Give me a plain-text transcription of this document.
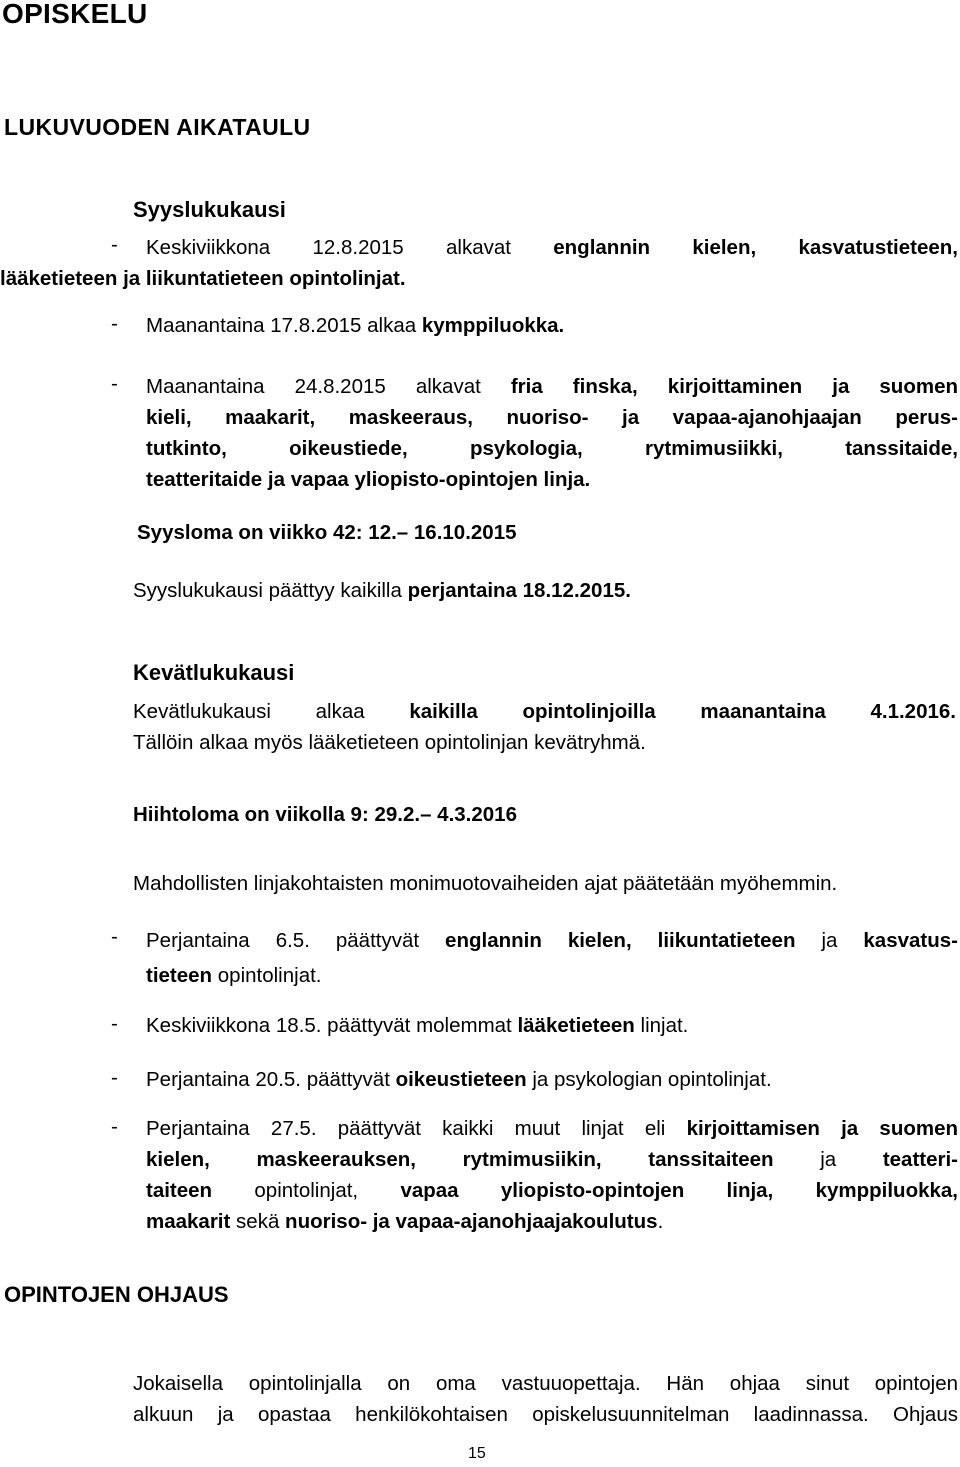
OPISKELU
LUKUVUODEN AIKATAULU
Syyslukukausi
- Keskiviikkona 12.8.2015 alkavat englannin kielen, kasvatustieteen,
lääketieteen ja liikuntatieteen opintolinjat.
- Maanantaina 17.8.2015 alkaa kymppiluokka.
- Maanantaina 24.8.2015 alkavat fria finska, kirjoittaminen ja suomen
kieli, maakarit, maskeeraus, nuoriso- ja vapaa-ajanohjaajan perus-
tutkinto, oikeustiede, psykologia, rytmimusiikki, tanssitaide,
teatteritaide ja vapaa yliopisto-opintojen linja.
Syysloma on viikko 42: 12.– 16.10.2015
Syyslukukausi päättyy kaikilla perjantaina 18.12.2015.
Kevätlukukausi
Kevätlukukausi alkaa kaikilla opintolinjoilla maanantaina 4.1.2016.
Tällöin alkaa myös lääketieteen opintolinjan kevätryhmä.
Hiihtoloma on viikolla 9: 29.2.– 4.3.2016
Mahdollisten linjakohtaisten monimuotovaiheiden ajat päätetään myöhemmin.
- Perjantaina 6.5. päättyvät englannin kielen, liikuntatieteen ja kasvatus-
tieteen opintolinjat.
- Keskiviikkona 18.5. päättyvät molemmat lääketieteen linjat.
- Perjantaina 20.5. päättyvät oikeustieteen ja psykologian opintolinjat.
- Perjantaina 27.5. päättyvät kaikki muut linjat eli kirjoittamisen ja suomen
kielen, maskeerauksen, rytmimusiikin, tanssitaiteen ja teatteri-
taiteen opintolinjat, vapaa yliopisto-opintojen linja, kymppiluokka,
maakarit sekä nuoriso- ja vapaa-ajanohjaajakoulutus.
OPINTOJEN OHJAUS
Jokaisella opintolinjalla on oma vastuuopettaja. Hän ohjaa sinut opintojen
alkuun ja opastaa henkilökohtaisen opiskelusuunnitelman laadinnassa. Ohjaus
15
